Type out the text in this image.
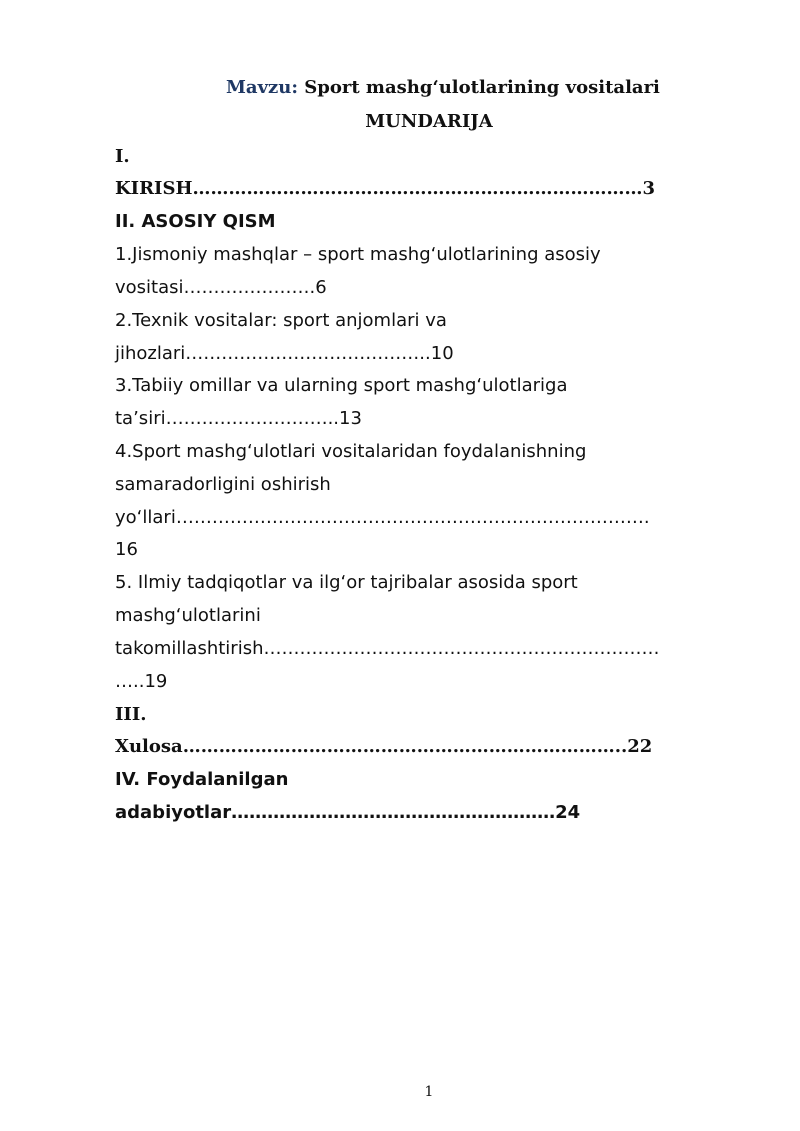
Mavzu: Sport mashg‘ulotlarining vositalari
MUNDARIJA
I.
KIRISH…………………………………………………………………3
II. ASOSIY QISM
1.Jismoniy mashqlar – sport mashg‘ulotlarining asosiy
vositasi………………….6
2.Texnik vositalar: sport anjomlari va
jihozlari…………………………………..10
3.Tabiiy omillar va ularning sport mashg‘ulotlariga
ta’siri………………………..13
4.Sport mashg‘ulotlari vositalaridan foydalanishning
samaradorligini oshirish
yo‘llari…………………………………………………………………….
16
5. Ilmiy tadqiqotlar va ilg‘or tajribalar asosida sport
mashg‘ulotlarini
takomillashtirish…………………………………………………………
…..19
III.
Xulosa………………………………………………………………..22
IV. Foydalanilgan
adabiyotlar………………………………………………24
1
